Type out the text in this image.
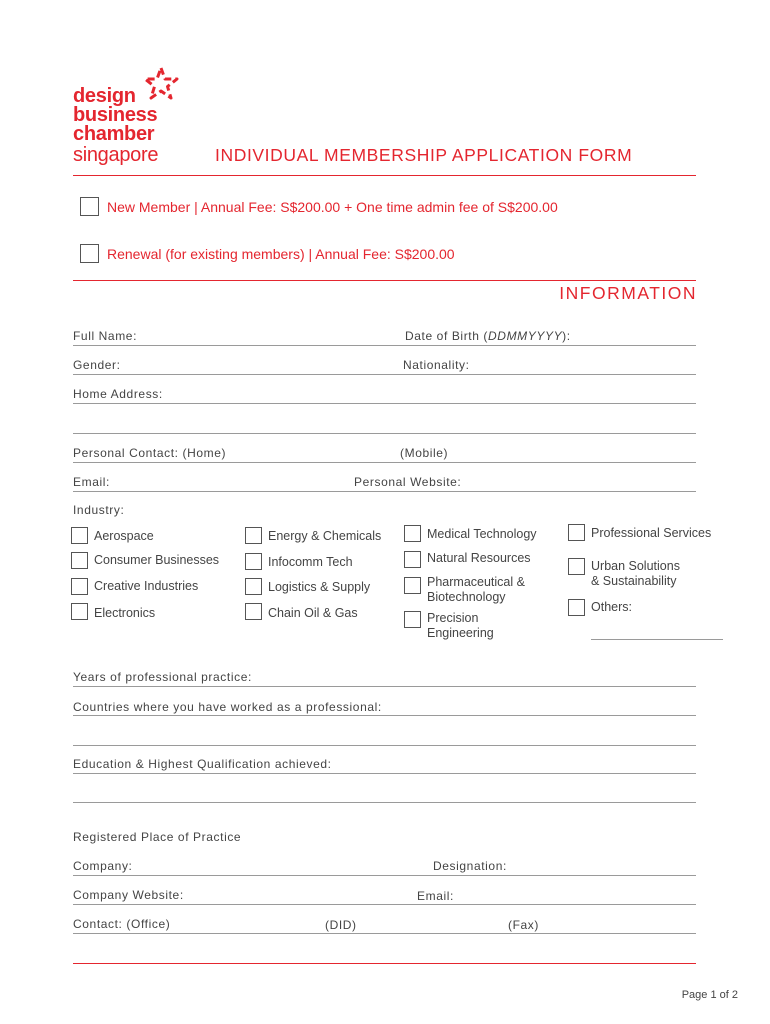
design
business
chamber
singapore	INDIVIDUAL MEMBERSHIP APPLICATION FORM
New Member | Annual Fee: S$200.00 + One time admin fee of S$200.00
Renewal (for existing members) | Annual Fee: S$200.00
INFORMATION
Full Name:	Date of Birth (DDMMYYYY):
Gender:	Nationality:
Home Address:
Personal Contact: (Home)	(Mobile)
Email:	Personal Website:
Industry:
Aerospace
Consumer Businesses
Creative Industries
Electronics
Energy & Chemicals
Infocomm Tech
Logistics & Supply
Chain Oil & Gas
Medical Technology
Natural Resources
Pharmaceutical &
Biotechnology
Precision
Engineering
Professional Services
Urban Solutions
& Sustainability
Others:
Years of professional practice:
Countries where you have worked as a professional:
Education & Highest Qualification achieved:
Registered Place of Practice
Company:	Designation:
Company Website:	Email:
Contact: (Office)	(DID)	(Fax)
Page 1 of 2
